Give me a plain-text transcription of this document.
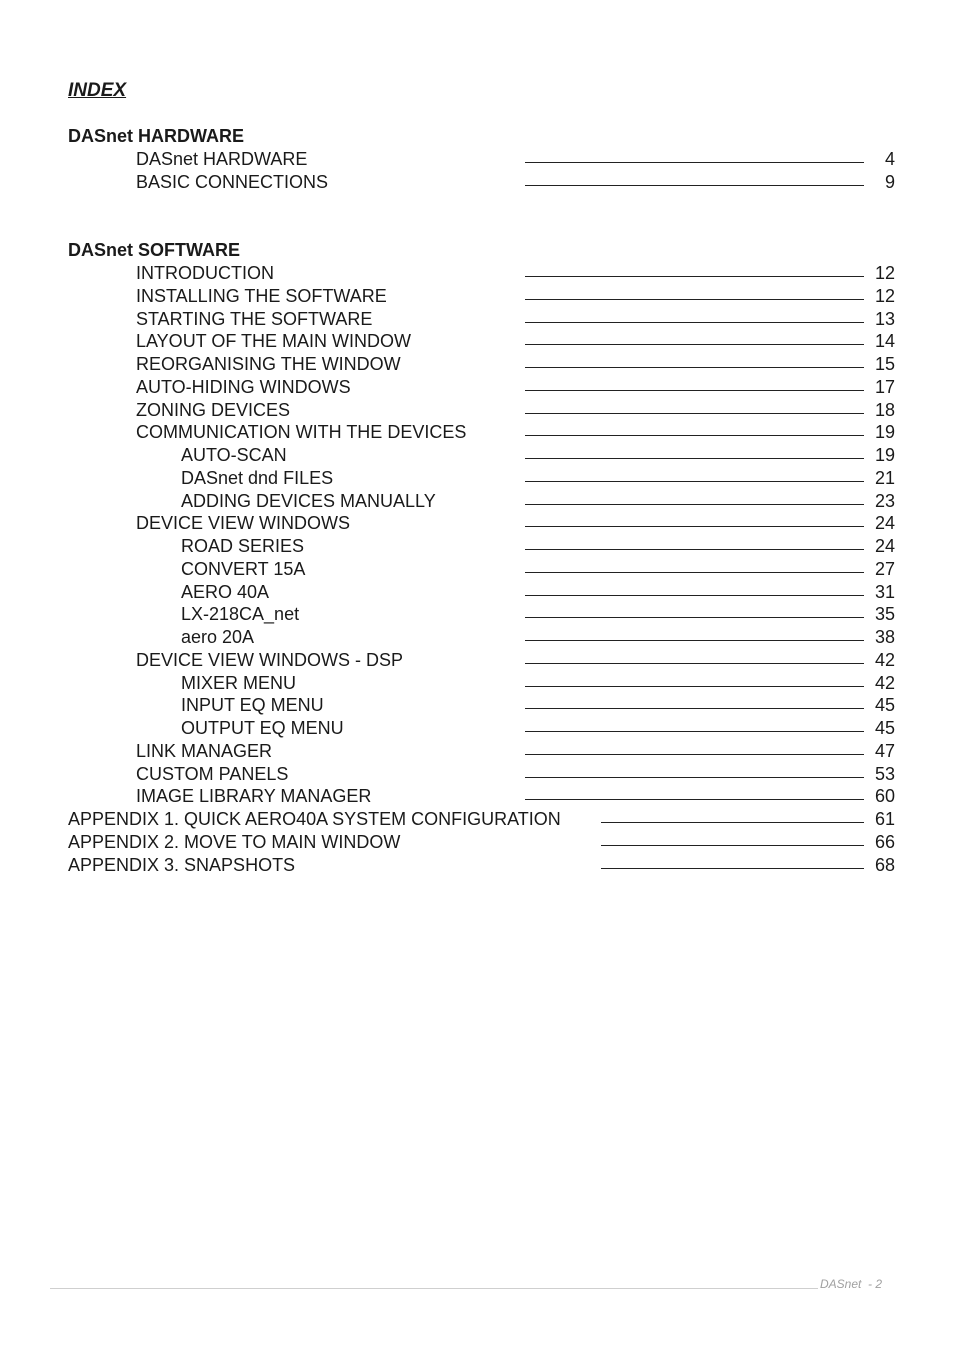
INDEX
DASnet HARDWARE
DASnet HARDWARE	4
BASIC CONNECTIONS	9
DASnet SOFTWARE
INTRODUCTION	12
INSTALLING THE SOFTWARE	12
STARTING THE SOFTWARE	13
LAYOUT OF THE MAIN WINDOW	14
REORGANISING THE WINDOW	15
AUTO-HIDING WINDOWS	17
ZONING DEVICES	18
COMMUNICATION WITH THE DEVICES	19
AUTO-SCAN	19
DASnet dnd FILES	21
ADDING DEVICES MANUALLY	23
DEVICE VIEW WINDOWS	24
ROAD SERIES	24
CONVERT 15A	27
AERO 40A	31
LX-218CA_net	35
aero 20A	38
DEVICE VIEW WINDOWS - DSP	42
MIXER MENU	42
INPUT EQ MENU	45
OUTPUT EQ MENU	45
LINK MANAGER	47
CUSTOM PANELS	53
IMAGE LIBRARY MANAGER	60
APPENDIX 1. QUICK AERO40A SYSTEM CONFIGURATION	61
APPENDIX 2. MOVE TO MAIN WINDOW	66
APPENDIX 3. SNAPSHOTS	68
DASnet  - 2
